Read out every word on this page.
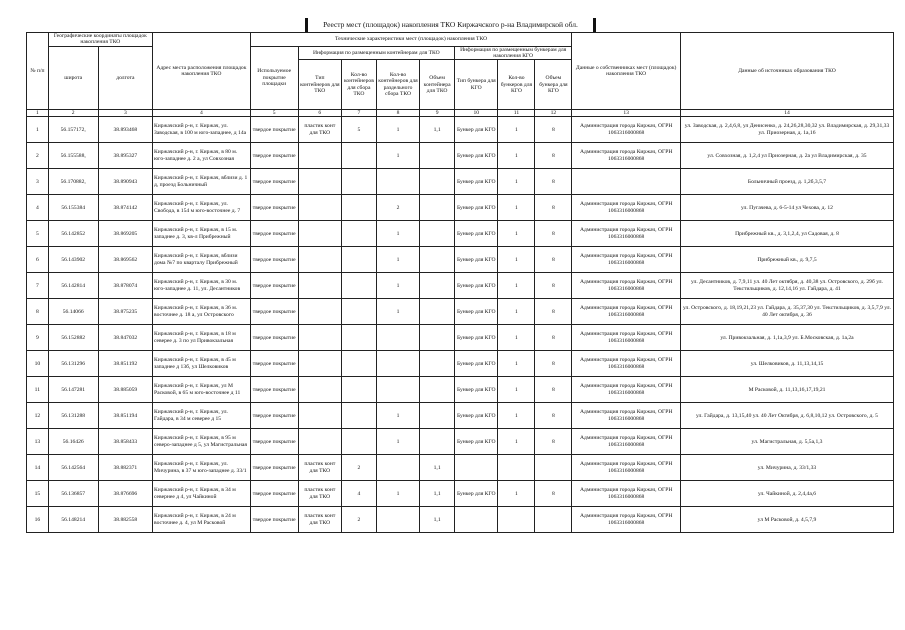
Реестр мест (площадок) накопления ТКО Киржачского р-на Владимирской обл.
№ п/п	Географические координаты площадок накопления ТКО		Адрес места расположения площадок накопления ТКО	Технические характеристики мест (площадок) накопления ТКО								Данные о собственниках мест (площадок) накопления ТКО	Данные об источниках образования ТКО
	широта	долгота		Используемое покрытие площадки	Информация по размещенным контейнерам для ТКО				Информация по размещенным бункерам для накопления КГО				
					Тип контейнеров для ТКО	Кол-во контейнеров для сбора ТКО	Кол-во контейнеров для раздельного сбора ТКО	Объем контейнера для ТКО	Тип бункера для КГО	Кол-во бункеров для КГО	Объем бункера для КГО		
1	2	3	4	5	6	7	8	9	10	11	12	13	14
1	56.157172,	38.893468	Киржачский р-н, г. Киржач, ул. Заводская, в 100 м юго-западнее, д 14а	твердое покрытие	пластик конт для ТКО	5	1	1,1	Бункер для КГО	1	8	Администрация города Киржач, ОГРН 1063316000868	ул. Заводская, д. 2,4,6,8, ул Денисенко, д. 24,26,28,30,32 ул. Владимирская, д. 29,31,33 ул. Приозерная, д. 1а,16
2	56.155588,	38.895327	Киржачский р-н, г. Киржач, в 80 м. юго-западнее д. 2 а, ул Совхозная	твердое покрытие			1		Бункер для КГО	1	8	Администрация города Киржач, ОГРН 1063316000868	ул. Совхозная, д. 1,2,4 ул Приозерная, д. 2а ул Владимирская, д. 35
3	56.170882,	38.890943	Киржачский р-н, г. Киржач, вблизи д. 1 д, проезд Больничный	твердое покрытие					Бункер для КГО	1	8		Больничный проезд, д. 1,2б,3,5,7
4	56.155384	38.874142	Киржачский р-н, г. Киржач, ул. Свобода, в 154 м юго-восточнее д. 7	твердое покрытие			2		Бункер для КГО	1	8	Администрация города Киржач, ОГРН 1063316000868	ул. Пугачева, д. 6-5-14 ул Чехова, д. 12
5	56.142852	38.869205	Киржачский р-н, г. Киржач, в 15 м. западнее д. 3, кв-л Прибрежный	твердое покрытие			1		Бункер для КГО	1	8	Администрация города Киржач, ОГРН 1063316000868	Прибрежный кв., д. 3,1,2,4, ул Садовая, д. 8
6	56.143902	38.869562	Киржачский р-н, г. Киржач, вблизи дома №7 по кварталу Прибрежный	твердое покрытие			1		Бункер для КГО	1	8	Администрация города Киржач, ОГРН 1063316000868	Прибрежный кв., д. 9,7,5
7	56.142814	38.878074	Киржачский р-н, г. Киржач, в 30 м. юго-западнее д. 11, ул. Десантников	твердое покрытие			1		Бункер для КГО	1	8	Администрация города Киржач, ОГРН 1063316000868	ул. Десантников, д. 7,9,11 ул. 40 Лет октября, д. 40,38 ул. Островского, д. 29б ул. Текстильщиков, д. 12,14,16 ул. Гайдара, д. 41
8	56.14066	38.875235	Киржачский р-н, г. Киржач, в 36 м. восточнее д. 18 а, ул Островского	твердое покрытие			1		Бункер для КГО	1	8	Администрация города Киржач, ОГРН 1063316000868	ул. Островского, д. 18,19,21,23 ул. Гайдара, д. 35,37,30 ул. Текстильщиков, д. 3,5,7,9 ул. 40 Лет октября, д. 36
9	56.152882	38.847032	Киржачский р-н, г. Киржач, в 18 м северее д. 3 по ул Привокзальная	твердое покрытие					Бункер для КГО	1	8	Администрация города Киржач, ОГРН 1063316000868	ул. Привокзальная, д. 1,1а,3,9 ул. Б.Московская, д. 1а,2а
10	56.131296	38.851192	Киржачский р-н, г. Киржач, в 45 м западнее д 13б, ул Шелковиков	твердое покрытие					Бункер для КГО	1	8	Администрация города Киржач, ОГРН 1063316000868	ул. Шелковиков, д. 11,13,14,15
11	56.147281	38.885059	Киржачский р-н, г. Киржач, ул М Расковой, в 65 м юго-восточнее д 11	твердое покрытие					Бункер для КГО	1	8	Администрация города Киржач, ОГРН 1063316000868	М Расковой, д. 11,13,16,17,19,21
12	56.131288	38.851194	Киржачский р-н, г. Киржач, ул. Гайдара, в 34 м северее д 15	твердое покрытие			1		Бункер для КГО	1	8	Администрация города Киржач, ОГРН 1063316000868	ул. Гайдара, д. 13,15,40 ул. 40 Лет Октября, д. 6,8,10,12 ул. Островского, д. 5
13	56.16426	38.858433	Киржачский р-н, г. Киржач, в 95 м северо-западнее д 5, ул Магистральная	твердое покрытие			1		Бункер для КГО	1	8	Администрация города Киржач, ОГРН 1063316000868	ул. Магистральная, д. 5,5а,1,3
14	56.142564	38.882371	Киржачский р-н, г. Киржач, ул. Мичурина, в 37 м юго-западнее д. 33/1	твердое покрытие	пластик конт для ТКО	2		1,1				Администрация города Киржач, ОГРН 1063316000868	ул. Мичурина, д. 33/1,33
15	56.136857	38.876696	Киржачский р-н, г. Киржач, в 34 м севернее д 4, ул Чайкиной	твердое покрытие	пластик конт для ТКО	4	1	1,1	Бункер для КГО	1	8	Администрация города Киржач, ОГРН 1063316000868	ул. Чайкиной, д. 2,4,4а,6
16	56.148214	38.882558	Киржачский р-н, г. Киржач, в 24 м восточнее д. 4, ул М Расковой	твердое покрытие	пластик конт для ТКО	2		1,1				Администрация города Киржач, ОГРН 1063316000868	ул М Расковой, д. 4,5,7,9
